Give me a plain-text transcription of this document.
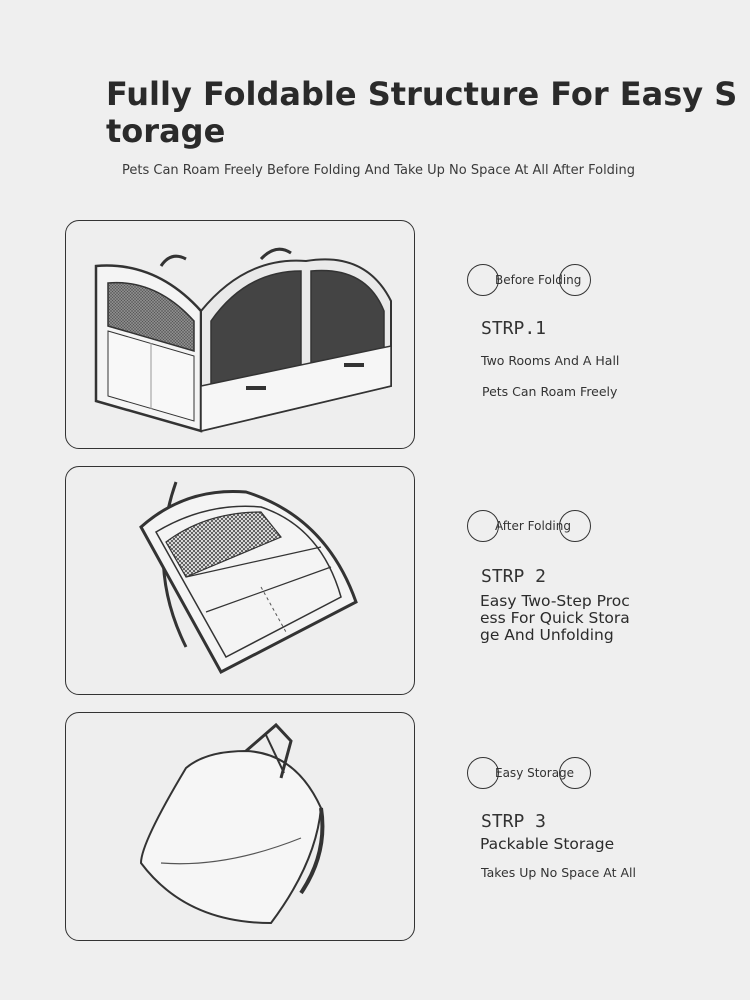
Fully Foldable Structure For Easy Storage
Pets Can Roam Freely Before Folding And Take Up No Space At All After Folding
Before Folding
STRP.1
Two Rooms And A Hall
Pets Can Roam Freely
After Folding
STRP 2
Easy Two-Step Process For Quick Storage And Unfolding
Easy Storage
STRP 3
Packable Storage
Takes Up No Space At All
